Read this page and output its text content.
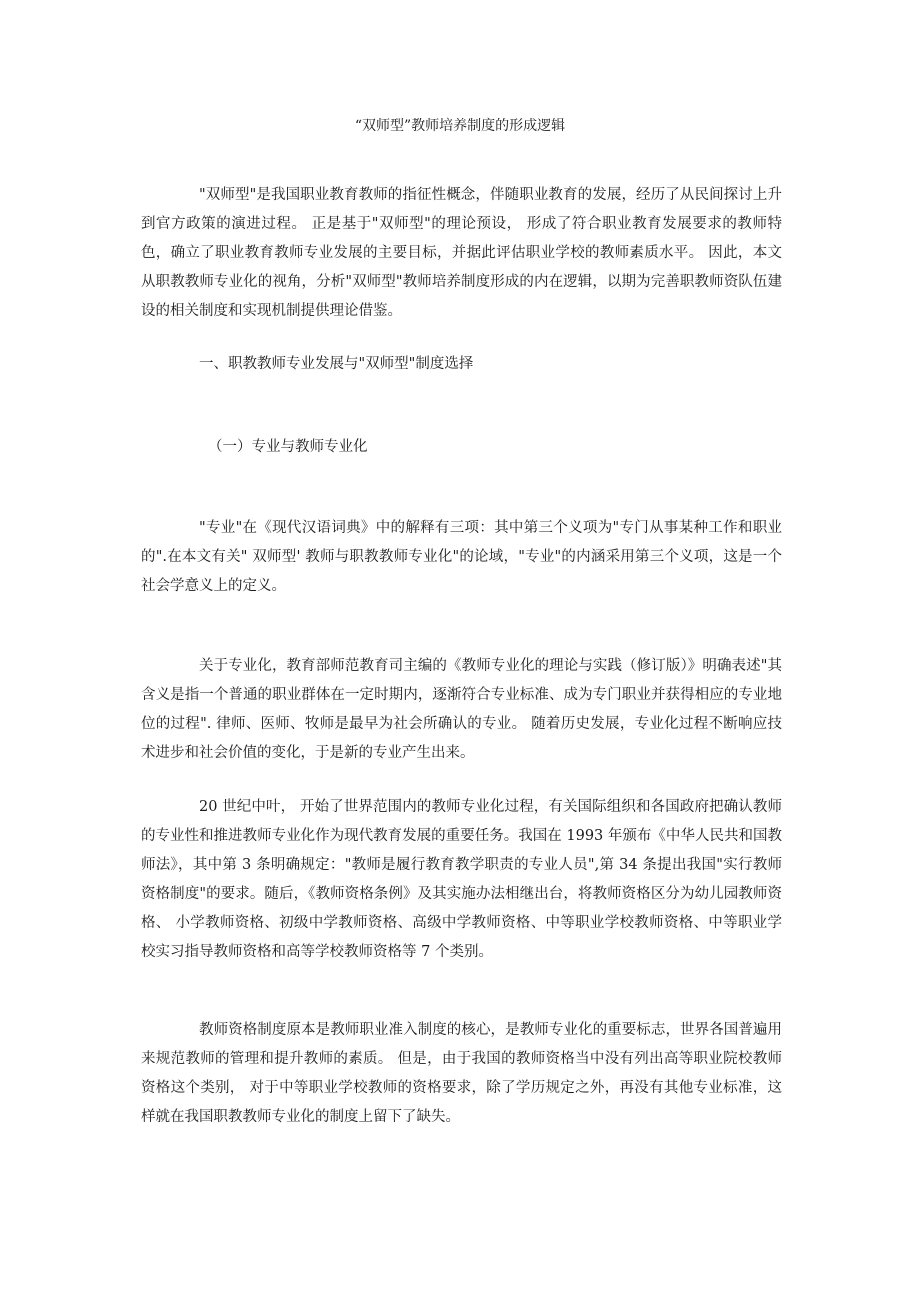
“双师型”教师培养制度的形成逻辑

"双师型"是我国职业教育教师的指征性概念，伴随职业教育的发展，经历了从民间探讨上升到官方政策的演进过程。 正是基于"双师型"的理论预设， 形成了符合职业教育发展要求的教师特色，确立了职业教育教师专业发展的主要目标，并据此评估职业学校的教师素质水平。 因此，本文从职教教师专业化的视角，分析"双师型"教师培养制度形成的内在逻辑，以期为完善职教师资队伍建设的相关制度和实现机制提供理论借鉴。

一、职教教师专业发展与"双师型"制度选择

（一）专业与教师专业化

"专业"在《现代汉语词典》中的解释有三项：其中第三个义项为"专门从事某种工作和职业的".在本文有关" 双师型' 教师与职教教师专业化"的论域，"专业"的内涵采用第三个义项，这是一个社会学意义上的定义。

关于专业化，教育部师范教育司主编的《教师专业化的理论与实践（修订版）》明确表述"其含义是指一个普通的职业群体在一定时期内，逐渐符合专业标准、成为专门职业并获得相应的专业地位的过程". 律师、医师、牧师是最早为社会所确认的专业。 随着历史发展，专业化过程不断响应技术进步和社会价值的变化，于是新的专业产生出来。

20 世纪中叶， 开始了世界范围内的教师专业化过程，有关国际组织和各国政府把确认教师的专业性和推进教师专业化作为现代教育发展的重要任务。我国在 1993 年颁布《中华人民共和国教师法》，其中第 3 条明确规定："教师是履行教育教学职责的专业人员",第 34 条提出我国"实行教师资格制度"的要求。随后，《教师资格条例》及其实施办法相继出台，将教师资格区分为幼儿园教师资格、 小学教师资格、初级中学教师资格、高级中学教师资格、中等职业学校教师资格、中等职业学校实习指导教师资格和高等学校教师资格等 7 个类别。

教师资格制度原本是教师职业准入制度的核心，是教师专业化的重要标志，世界各国普遍用来规范教师的管理和提升教师的素质。 但是，由于我国的教师资格当中没有列出高等职业院校教师资格这个类别， 对于中等职业学校教师的资格要求，除了学历规定之外，再没有其他专业标准，这样就在我国职教教师专业化的制度上留下了缺失。
